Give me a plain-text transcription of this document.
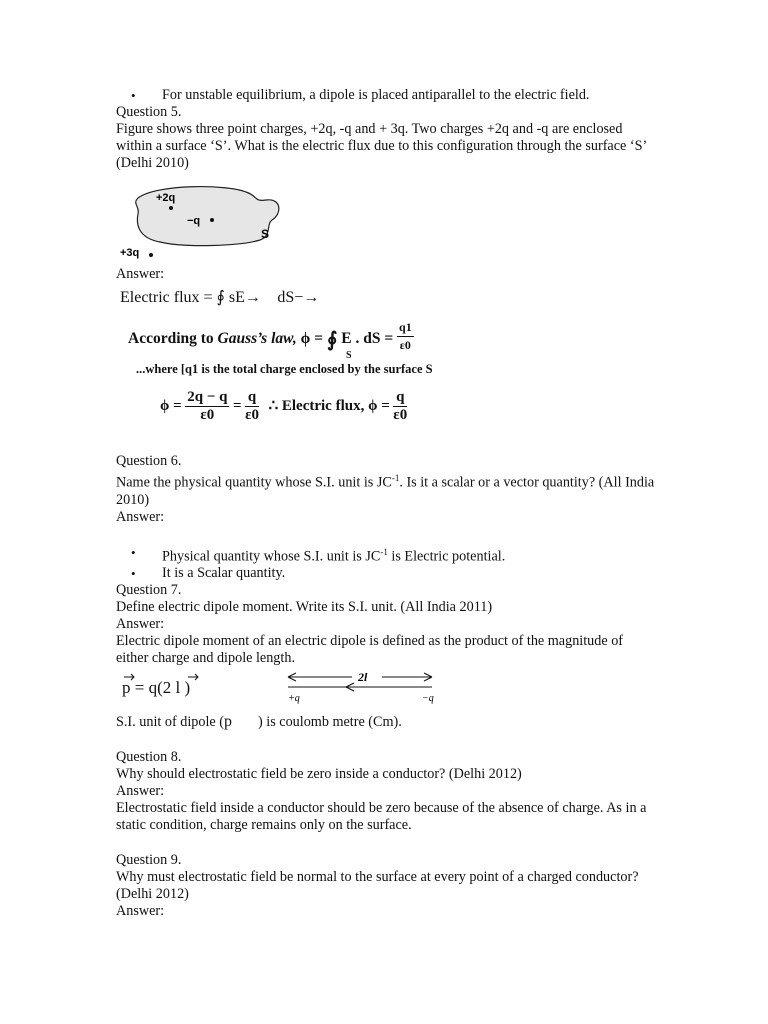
• For unstable equilibrium, a dipole is placed antiparallel to the electric field.

Question 5.

Figure shows three point charges, +2q, -q and + 3q. Two charges +2q and -q are enclosed within a surface ‘S’. What is the electric flux due to this configuration through the surface ‘S’ (Delhi 2010)

+2q
−q
S
+3q

Answer:

Electric flux = ∮ sE→⃞ dS−→

According to Gauss’s law, ϕ = ∮ E . dS = $\frac{q1}{\varepsilon 0}$
S
...where [q1 is the total charge enclosed by the surface S
$\phi = \frac{2q - q}{\varepsilon 0} = \frac{q}{\varepsilon 0}$ ∴ Electric flux, $\phi = \frac{q}{\varepsilon 0}$

Question 6.

Name the physical quantity whose S.I. unit is $JC^{-1}$. Is it a scalar or a vector quantity? (All India 2010)

Answer:

• Physical quantity whose S.I. unit is $JC^{-1}$ is Electric potential.

• It is a Scalar quantity.

Question 7.

Define electric dipole moment. Write its S.I. unit. (All India 2011)

Answer:

Electric dipole moment of an electric dipole is defined as the product of the magnitude of either charge and dipole length.

p = q(2 l )
2l
+q	−q

S.I. unit of dipole (p ) is coulomb metre (Cm).

Question 8.

Why should electrostatic field be zero inside a conductor? (Delhi 2012)

Answer:

Electrostatic field inside a conductor should be zero because of the absence of charge. As in a static condition, charge remains only on the surface.

Question 9.

Why must electrostatic field be normal to the surface at every point of a charged conductor? (Delhi 2012)

Answer:
